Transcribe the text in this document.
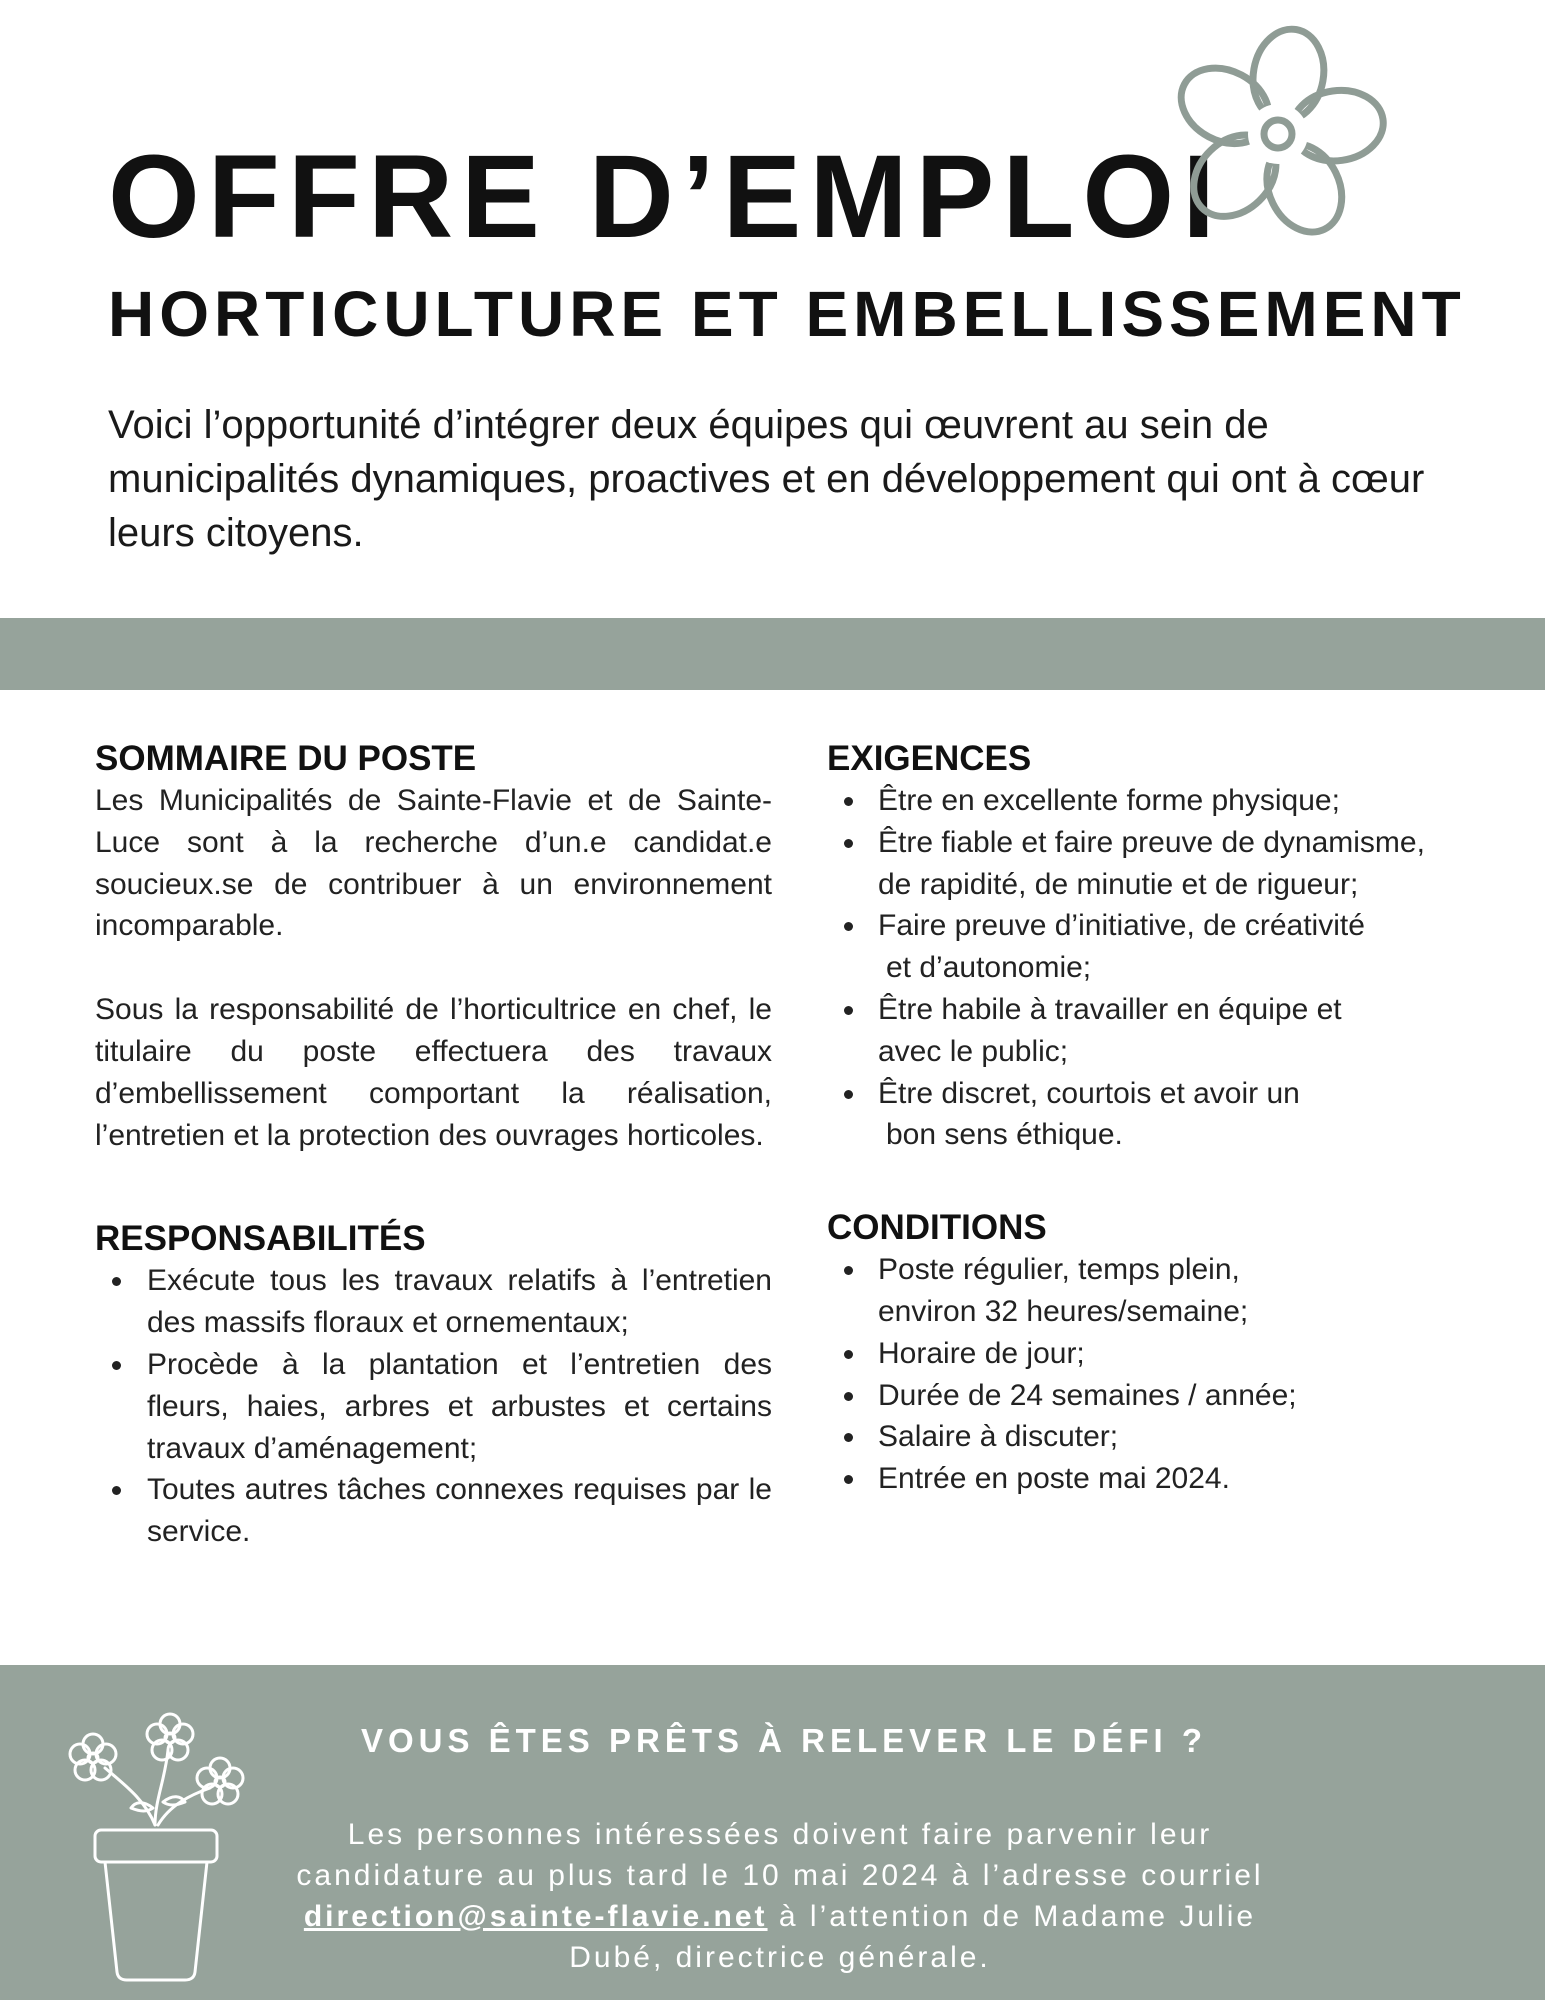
OFFRE D’EMPLOI
HORTICULTURE ET EMBELLISSEMENT

Voici l’opportunité d’intégrer deux équipes qui œuvrent au sein de municipalités dynamiques, proactives et en développement qui ont à cœur leurs citoyens.

SOMMAIRE DU POSTE

Les Municipalités de Sainte-Flavie et de Sainte-Luce sont à la recherche d’un.e candidat.e soucieux.se de contribuer à un environnement incomparable.

Sous la responsabilité de l’horticultrice en chef, le titulaire du poste effectuera des travaux d’embellissement comportant la réalisation, l’entretien et la protection des ouvrages horticoles.

RESPONSABILITÉS
Exécute tous les travaux relatifs à l’entretien des massifs floraux et ornementaux;
Procède à la plantation et l’entretien des fleurs, haies, arbres et arbustes et certains travaux d’aménagement;
Toutes autres tâches connexes requises par le service.
EXIGENCES
Être en excellente forme physique;
Être fiable et faire preuve de dynamisme,
de rapidité, de minutie et de rigueur;
Faire preuve d’initiative, de créativité
et d’autonomie;
Être habile à travailler en équipe et
avec le public;
Être discret, courtois et avoir un
bon sens éthique.
CONDITIONS
Poste régulier, temps plein,
environ 32 heures/semaine;
Horaire de jour;
Durée de 24 semaines / année;
Salaire à discuter;
Entrée en poste mai 2024.
VOUS ÊTES PRÊTS À RELEVER LE DÉFI ?

Les personnes intéressées doivent faire parvenir leur candidature au plus tard le 10 mai 2024 à l’adresse courriel direction@sainte-flavie.net à l’attention de Madame Julie Dubé, directrice générale.
